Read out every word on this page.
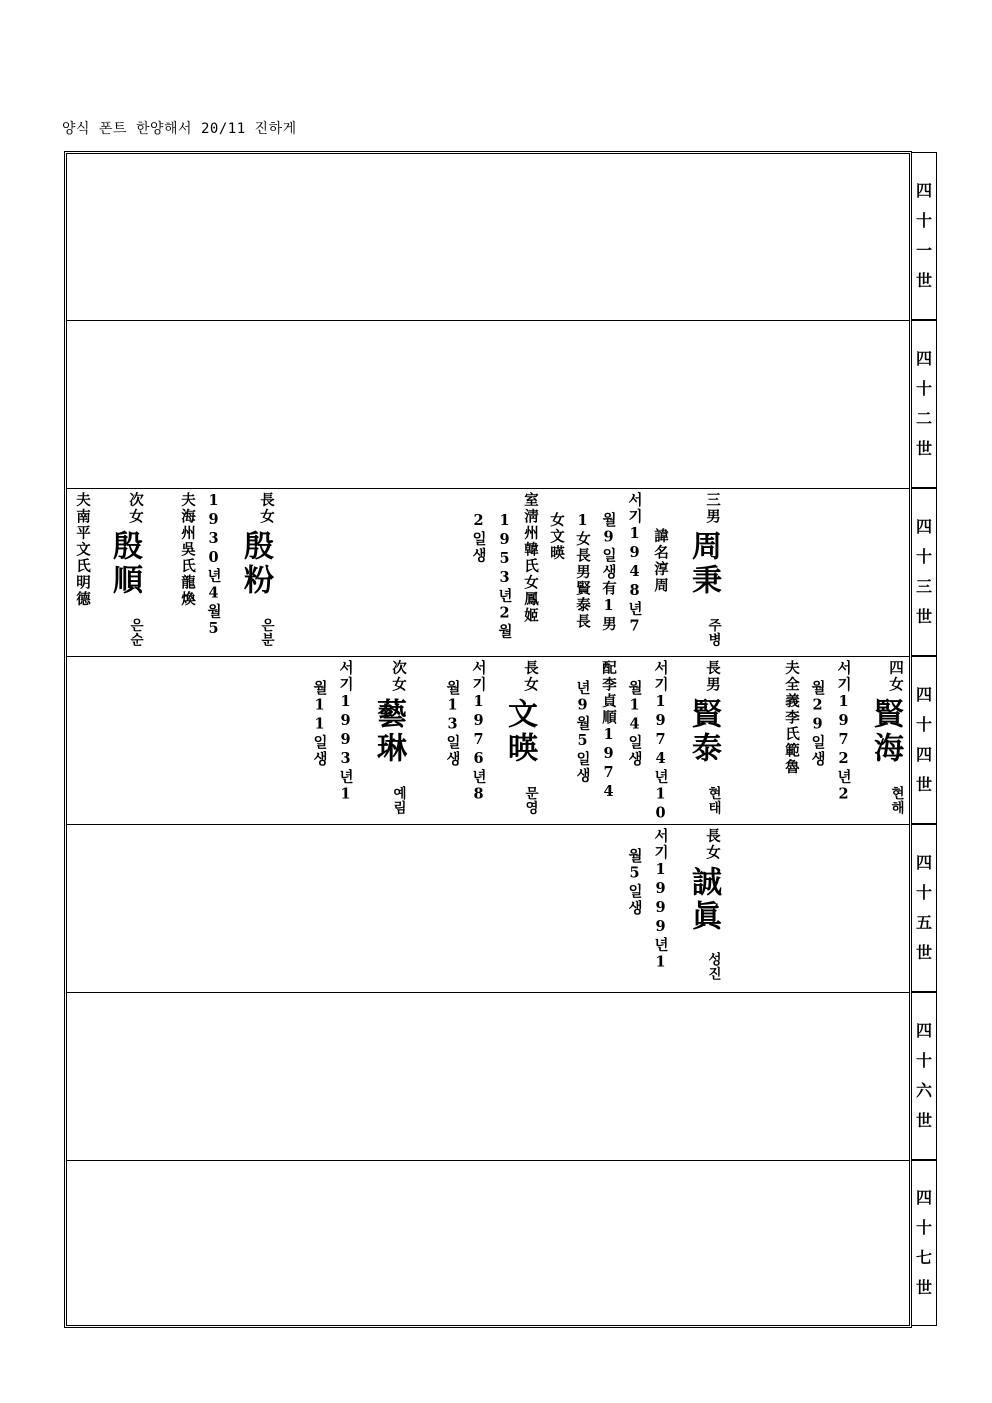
양식 폰트 한양해서 20/11 진하게
四
十
一
世
四
十
二
世
四
十
三
世
四
十
四
世
四
十
五
世
四
十
六
世
四
十
七
世
三男
周秉
주병
諱名淳周
서기1948년7
월9일생有1男
1女長男賢泰長
女文暎
室淸州韓氏女鳳姬
1953년2월
2일생
長女
殷粉
은분
1930년4월5
夫海州吳氏龍煥
次女
殷順
은순
夫南平文氏明德
四女
賢海
현해
서기1972년2
월29일생
夫全義李氏範魯
長男
賢泰
현태
서기1974년10
월14일생
配李貞順1974
년9월5일생
長女
文暎
문영
서기1976년8
월13일생
次女
藝琳
예림
서기1993년1
월11일생
長女
誠眞
성진
서기1999년1
월5일생
